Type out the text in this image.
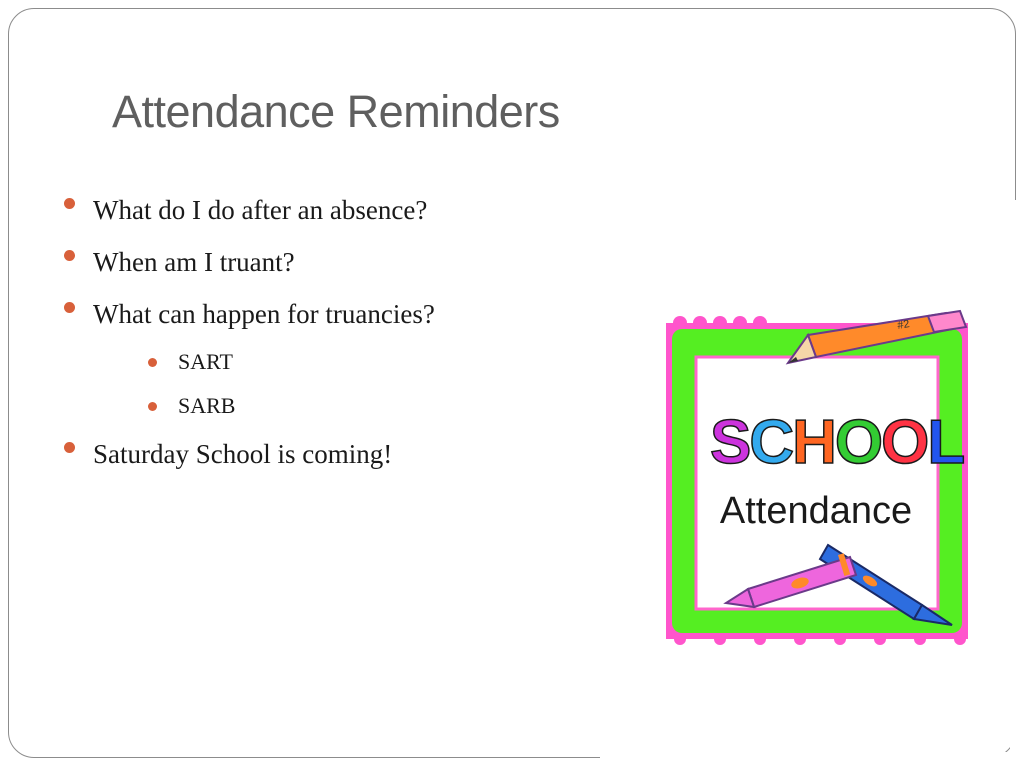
Attendance Reminders
What do I do after an absence?
When am I truant?
What can happen for truancies?
SART
SARB
Saturday School is coming!
#2
SCHOOL
Attendance
